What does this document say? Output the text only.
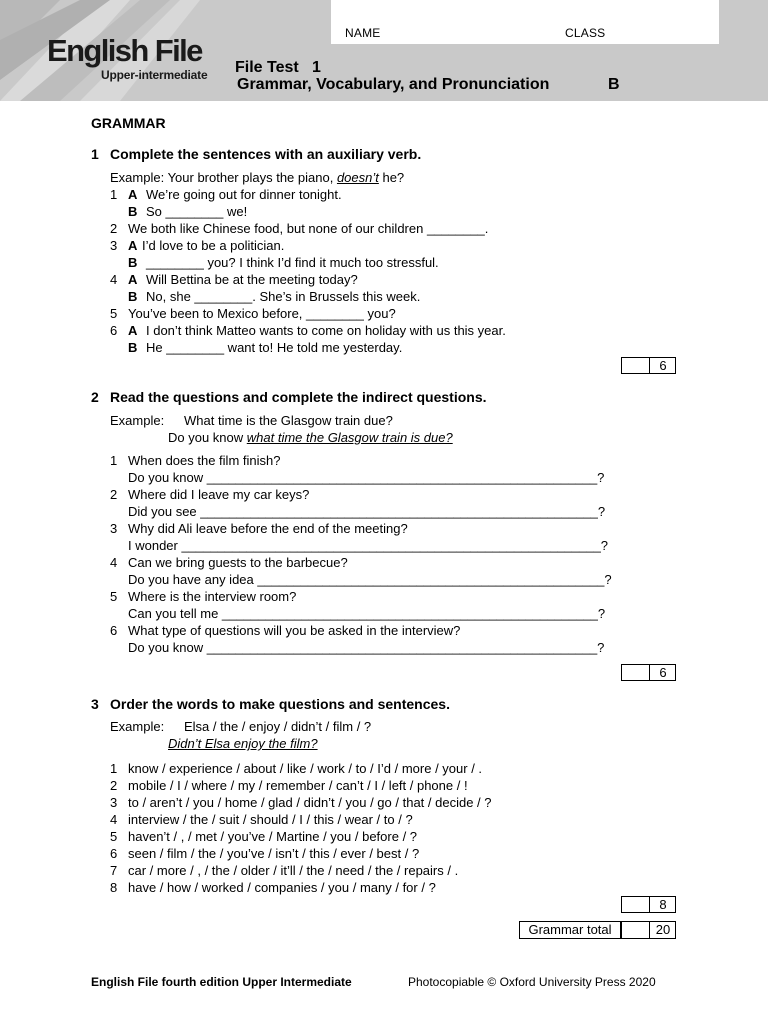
NAME	CLASS
English File
Upper-intermediate File Test   1
Grammar, Vocabulary, and Pronunciation	B
GRAMMAR
1 Complete the sentences with an auxiliary verb.
Example: Your brother plays the piano, doesn’t he?
6
2 Read the questions and complete the indirect questions.
Example: What time is the Glasgow train due?
Do you know what time the Glasgow train is due?
6
3 Order the words to make questions and sentences.
Example: Elsa / the / enjoy / didn’t / film / ?
Didn’t Elsa enjoy the film?
8
Grammar total	20
English File fourth edition Upper Intermediate	Photocopiable © Oxford University Press 2020
1 A We’re going out for dinner tonight.
B So ________ we!
2 We both like Chinese food, but none of our children ________.
3 A I’d love to be a politician.
B ________ you? I think I’d find it much too stressful.
4 A Will Bettina be at the meeting today?
B No, she ________. She’s in Brussels this week.
5 You’ve been to Mexico before, ________ you?
6 A I don’t think Matteo wants to come on holiday with us this year.
B He ________ want to! He told me yesterday.
1 When does the film finish?
Do you know ______________________________________________________?
2 Where did I leave my car keys?
Did you see _______________________________________________________?
3 Why did Ali leave before the end of the meeting?
I wonder __________________________________________________________?
4 Can we bring guests to the barbecue?
Do you have any idea ________________________________________________?
5 Where is the interview room?
Can you tell me ____________________________________________________?
6 What type of questions will you be asked in the interview?
Do you know ______________________________________________________?
1 know / experience / about / like / work / to / I’d / more / your / .
2 mobile / I / where / my / remember / can’t / I / left / phone / !
3 to / aren’t / you / home / glad / didn’t / you / go / that / decide / ?
4 interview / the / suit / should / I / this / wear / to / ?
5 haven’t / , / met / you’ve / Martine / you / before / ?
6 seen / film / the / you’ve / isn’t / this / ever / best / ?
7 car / more / , / the / older / it’ll / the / need / the / repairs / .
8 have / how / worked / companies / you / many / for / ?
